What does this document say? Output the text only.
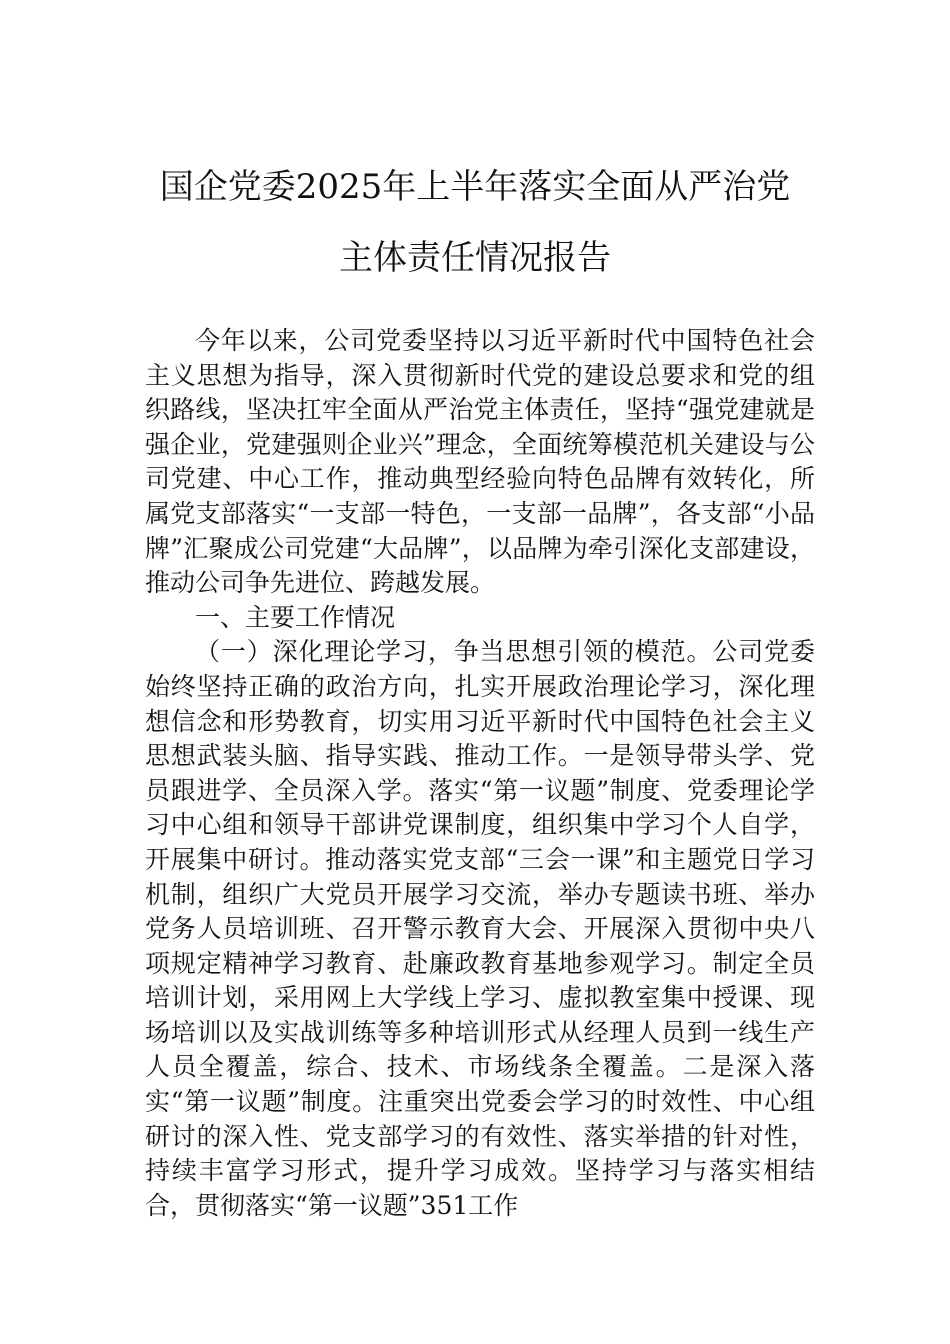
国企党委2025年上半年落实全面从严治党
主体责任情况报告

今年以来，公司党委坚持以习近平新时代中国特色社会主义思想为指导，深入贯彻新时代党的建设总要求和党的组织路线，坚决扛牢全面从严治党主体责任，坚持“强党建就是强企业，党建强则企业兴”理念，全面统筹模范机关建设与公司党建、中心工作，推动典型经验向特色品牌有效转化，所属党支部落实“一支部一特色，一支部一品牌”，各支部“小品牌”汇聚成公司党建“大品牌”，以品牌为牵引深化支部建设，推动公司争先进位、跨越发展。

一、主要工作情况

（一）深化理论学习，争当思想引领的模范。公司党委始终坚持正确的政治方向，扎实开展政治理论学习，深化理想信念和形势教育，切实用习近平新时代中国特色社会主义思想武装头脑、指导实践、推动工作。一是领导带头学、党员跟进学、全员深入学。落实“第一议题”制度、党委理论学习中心组和领导干部讲党课制度，组织集中学习个人自学，开展集中研讨。推动落实党支部“三会一课”和主题党日学习机制，组织广大党员开展学习交流，举办专题读书班、举办党务人员培训班、召开警示教育大会、开展深入贯彻中央八项规定精神学习教育、赴廉政教育基地参观学习。制定全员培训计划，采用网上大学线上学习、虚拟教室集中授课、现场培训以及实战训练等多种培训形式从经理人员到一线生产人员全覆盖，综合、技术、市场线条全覆盖。二是深入落实“第一议题”制度。注重突出党委会学习的时效性、中心组研讨的深入性、党支部学习的有效性、落实举措的针对性，持续丰富学习形式，提升学习成效。坚持学习与落实相结合，贯彻落实“第一议题”351工作
